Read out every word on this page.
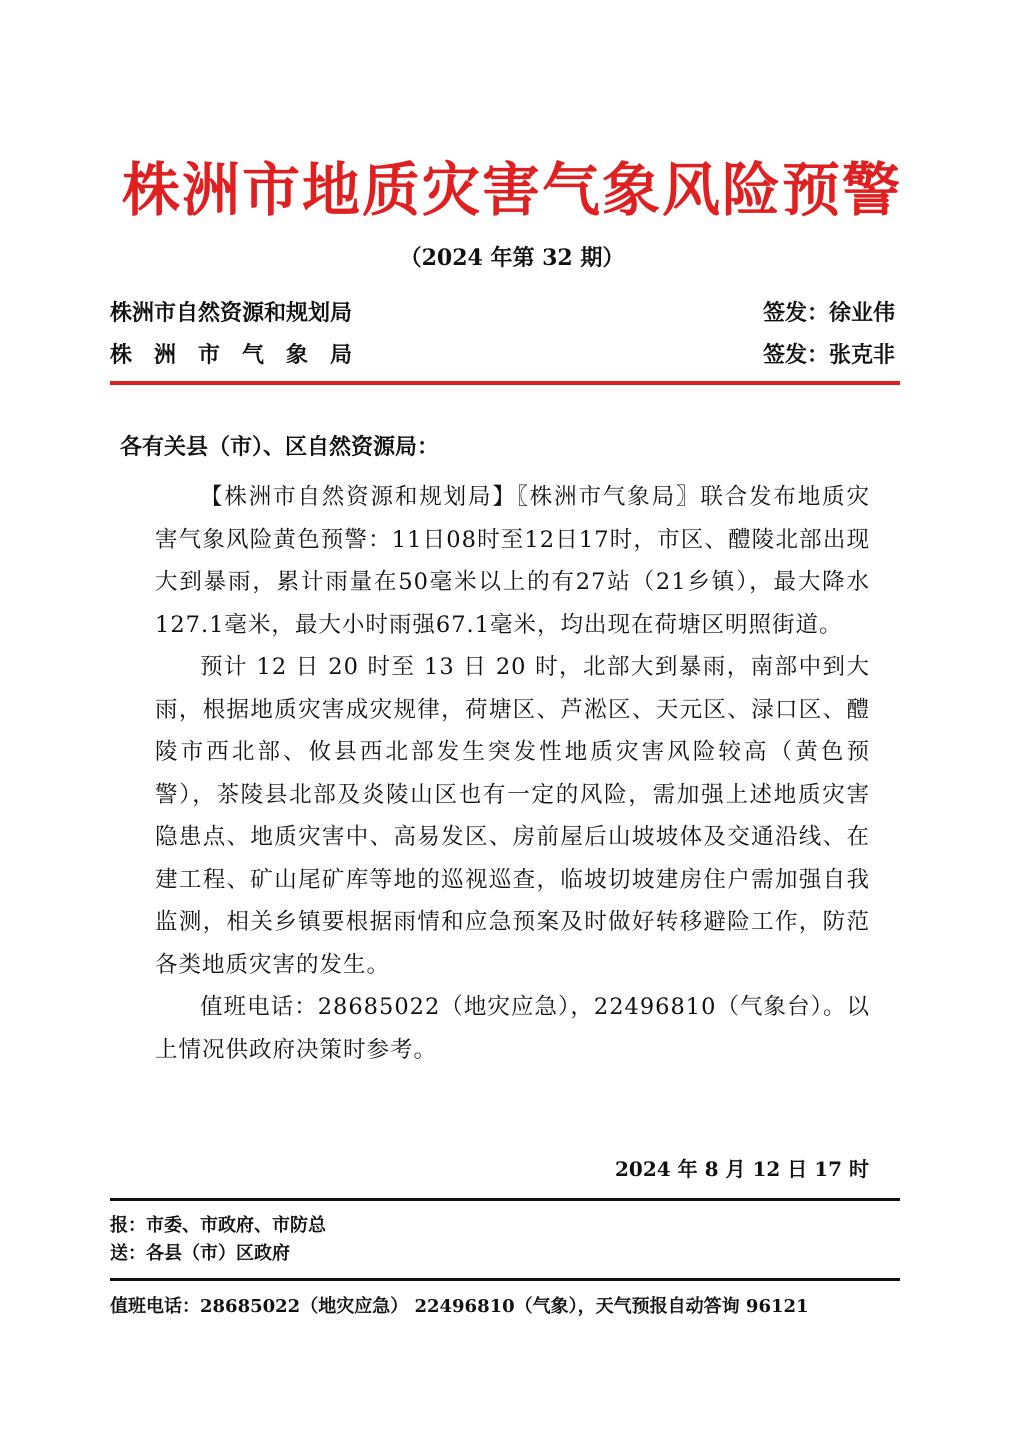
株洲市地质灾害气象风险预警
（2024 年第 32 期）
株洲市自然资源和规划局	签发：徐业伟
株洲市气象局	签发：张克非
各有关县（市）、区自然资源局：

【株洲市自然资源和规划局】〖株洲市气象局〗联合发布地质灾害气象风险黄色预警：11日08时至12日17时，市区、醴陵北部出现大到暴雨，累计雨量在50毫米以上的有27站（21乡镇），最大降水127.1毫米，最大小时雨强67.1毫米，均出现在荷塘区明照街道。

预计 12 日 20 时至 13 日 20 时，北部大到暴雨，南部中到大雨，根据地质灾害成灾规律，荷塘区、芦淞区、天元区、渌口区、醴陵市西北部、攸县西北部发生突发性地质灾害风险较高（黄色预警），茶陵县北部及炎陵山区也有一定的风险，需加强上述地质灾害隐患点、地质灾害中、高易发区、房前屋后山坡坡体及交通沿线、在建工程、矿山尾矿库等地的巡视巡查，临坡切坡建房住户需加强自我监测，相关乡镇要根据雨情和应急预案及时做好转移避险工作，防范各类地质灾害的发生。

值班电话：28685022（地灾应急），22496810（气象台）。以上情况供政府决策时参考。

2024 年 8 月 12 日 17 时
报：市委、市政府、市防总
送：各县（市）区政府
值班电话：28685022（地灾应急） 22496810（气象），天气预报自动答询 96121
